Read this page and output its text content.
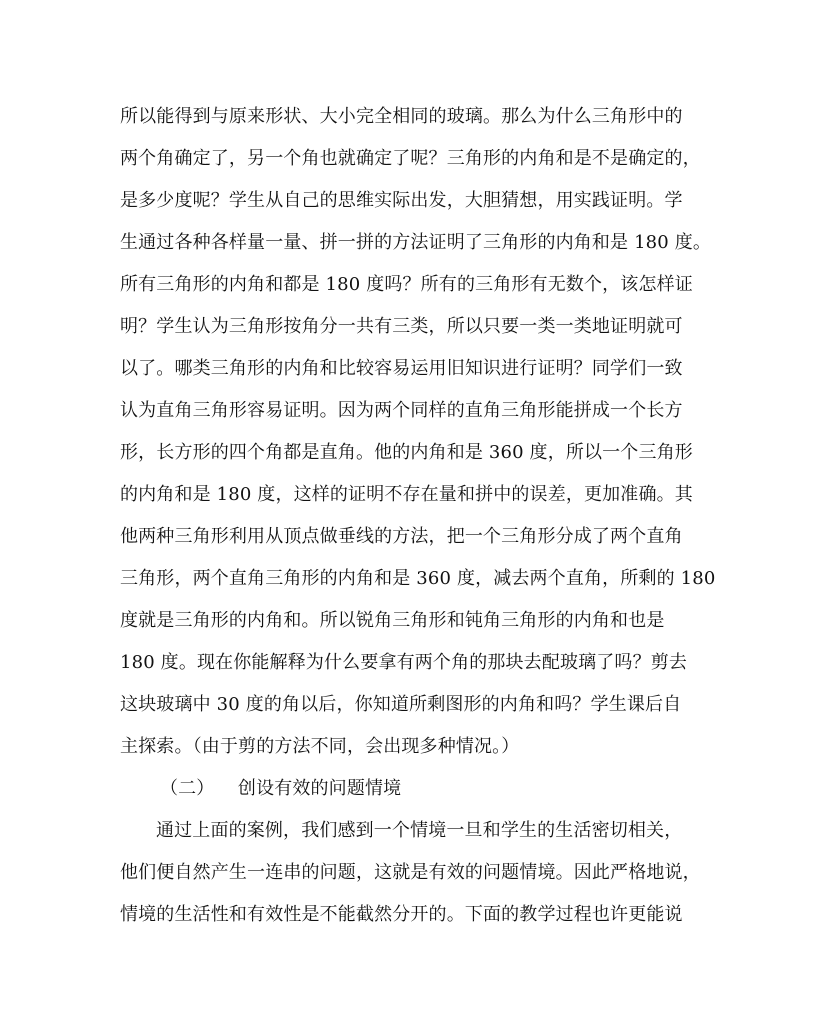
所以能得到与原来形状、大小完全相同的玻璃。那么为什么三角形中的
两个角确定了，另一个角也就确定了呢？三角形的内角和是不是确定的，
是多少度呢？学生从自己的思维实际出发，大胆猜想，用实践证明。学
生通过各种各样量一量、拼一拼的方法证明了三角形的内角和是 180 度。
所有三角形的内角和都是 180 度吗？所有的三角形有无数个，该怎样证
明？学生认为三角形按角分一共有三类，所以只要一类一类地证明就可
以了。哪类三角形的内角和比较容易运用旧知识进行证明？同学们一致
认为直角三角形容易证明。因为两个同样的直角三角形能拼成一个长方
形，长方形的四个角都是直角。他的内角和是 360 度，所以一个三角形
的内角和是 180 度，这样的证明不存在量和拼中的误差，更加准确。其
他两种三角形利用从顶点做垂线的方法，把一个三角形分成了两个直角
三角形，两个直角三角形的内角和是 360 度，减去两个直角，所剩的 180
度就是三角形的内角和。所以锐角三角形和钝角三角形的内角和也是
180 度。现在你能解释为什么要拿有两个角的那块去配玻璃了吗？剪去
这块玻璃中 30 度的角以后，你知道所剩图形的内角和吗？学生课后自
主探索。（由于剪的方法不同，会出现多种情况。）
（二）    创设有效的问题情境
通过上面的案例，我们感到一个情境一旦和学生的生活密切相关，
他们便自然产生一连串的问题，这就是有效的问题情境。因此严格地说，
情境的生活性和有效性是不能截然分开的。下面的教学过程也许更能说
